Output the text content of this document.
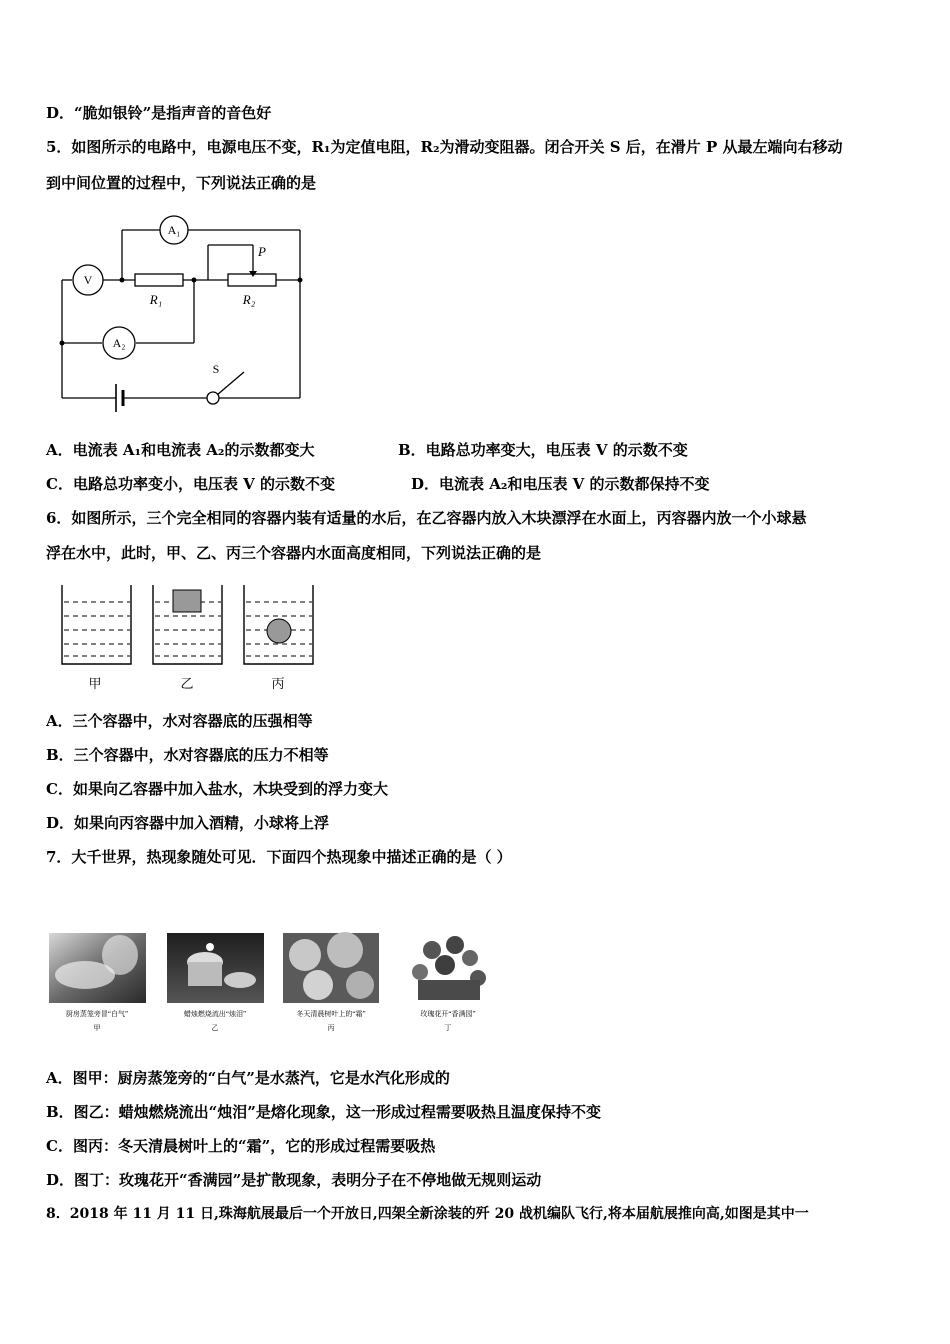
D．“脆如银铃”是指声音的音色好
5．如图所示的电路中，电源电压不变，R₁为定值电阻，R₂为滑动变阻器。闭合开关 S 后，在滑片 P 从最左端向右移动
到中间位置的过程中，下列说法正确的是
A₁
V
A₂
P
R₁	R₂
S
A．电流表 A₁和电流表 A₂的示数都变大	B．电路总功率变大，电压表 V 的示数不变
C．电路总功率变小，电压表 V 的示数不变	D．电流表 A₂和电压表 V 的示数都保持不变
6．如图所示，三个完全相同的容器内装有适量的水后，在乙容器内放入木块漂浮在水面上，丙容器内放一个小球悬
浮在水中，此时，甲、乙、丙三个容器内水面高度相同，下列说法正确的是
甲	乙	丙
A．三个容器中，水对容器底的压强相等
B．三个容器中，水对容器底的压力不相等
C．如果向乙容器中加入盐水，木块受到的浮力变大
D．如果向丙容器中加入酒精，小球将上浮
7．大千世界，热现象随处可见．下面四个热现象中描述正确的是（ ）
厨房蒸笼旁冒“白气”
甲
蜡烛燃烧流出“烛泪”
乙
冬天清晨树叶上的“霜”
丙
玫瑰花开“香满园”
丁
A．图甲：厨房蒸笼旁的“白气”是水蒸汽，它是水汽化形成的
B．图乙：蜡烛燃烧流出“烛泪”是熔化现象，这一形成过程需要吸热且温度保持不变
C．图丙：冬天清晨树叶上的“霜”，它的形成过程需要吸热
D．图丁：玫瑰花开“香满园”是扩散现象，表明分子在不停地做无规则运动
8．2018 年 11 月 11 日,珠海航展最后一个开放日,四架全新涂装的歼 20 战机编队飞行,将本届航展推向高,如图是其中一
